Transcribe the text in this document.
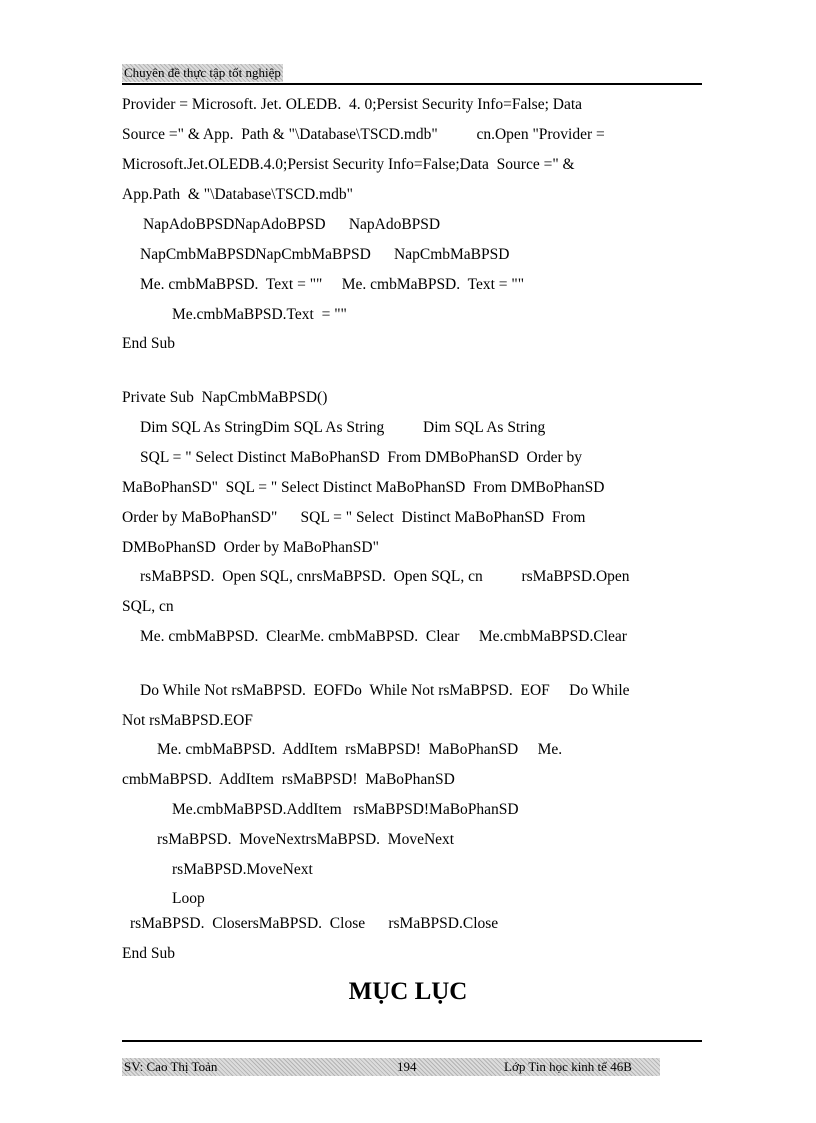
Chuyên đề thực tập tốt nghiệp
Provider = Microsoft. Jet. OLEDB.  4. 0;Persist Security Info=False; Data
Source =" & App.  Path & "\Database\TSCD.mdb"          cn.Open "Provider =
Microsoft.Jet.OLEDB.4.0;Persist Security Info=False;Data  Source =" &
App.Path  & "\Database\TSCD.mdb"
NapAdoBPSDNapAdoBPSD      NapAdoBPSD
NapCmbMaBPSDNapCmbMaBPSD      NapCmbMaBPSD
Me. cmbMaBPSD.  Text = ""     Me. cmbMaBPSD.  Text = ""
Me.cmbMaBPSD.Text  = ""
End Sub
Private Sub  NapCmbMaBPSD()
Dim SQL As StringDim SQL As String          Dim SQL As String
SQL = " Select Distinct MaBoPhanSD  From DMBoPhanSD  Order by
MaBoPhanSD"  SQL = " Select Distinct MaBoPhanSD  From DMBoPhanSD
Order by MaBoPhanSD"      SQL = " Select  Distinct MaBoPhanSD  From
DMBoPhanSD  Order by MaBoPhanSD"
rsMaBPSD.  Open SQL, cnrsMaBPSD.  Open SQL, cn          rsMaBPSD.Open
SQL, cn
Me. cmbMaBPSD.  ClearMe. cmbMaBPSD.  Clear     Me.cmbMaBPSD.Clear
Do While Not rsMaBPSD.  EOFDo  While Not rsMaBPSD.  EOF     Do While
Not rsMaBPSD.EOF
Me. cmbMaBPSD.  AddItem  rsMaBPSD!  MaBoPhanSD     Me.
cmbMaBPSD.  AddItem  rsMaBPSD!  MaBoPhanSD
Me.cmbMaBPSD.AddItem   rsMaBPSD!MaBoPhanSD
rsMaBPSD.  MoveNextrsMaBPSD.  MoveNext
rsMaBPSD.MoveNext
Loop
rsMaBPSD.  ClosersMaBPSD.  Close      rsMaBPSD.Close
End Sub
MỤC LỤC
SV: Cao Thị Toản	194	Lớp Tin học kinh tế 46B
